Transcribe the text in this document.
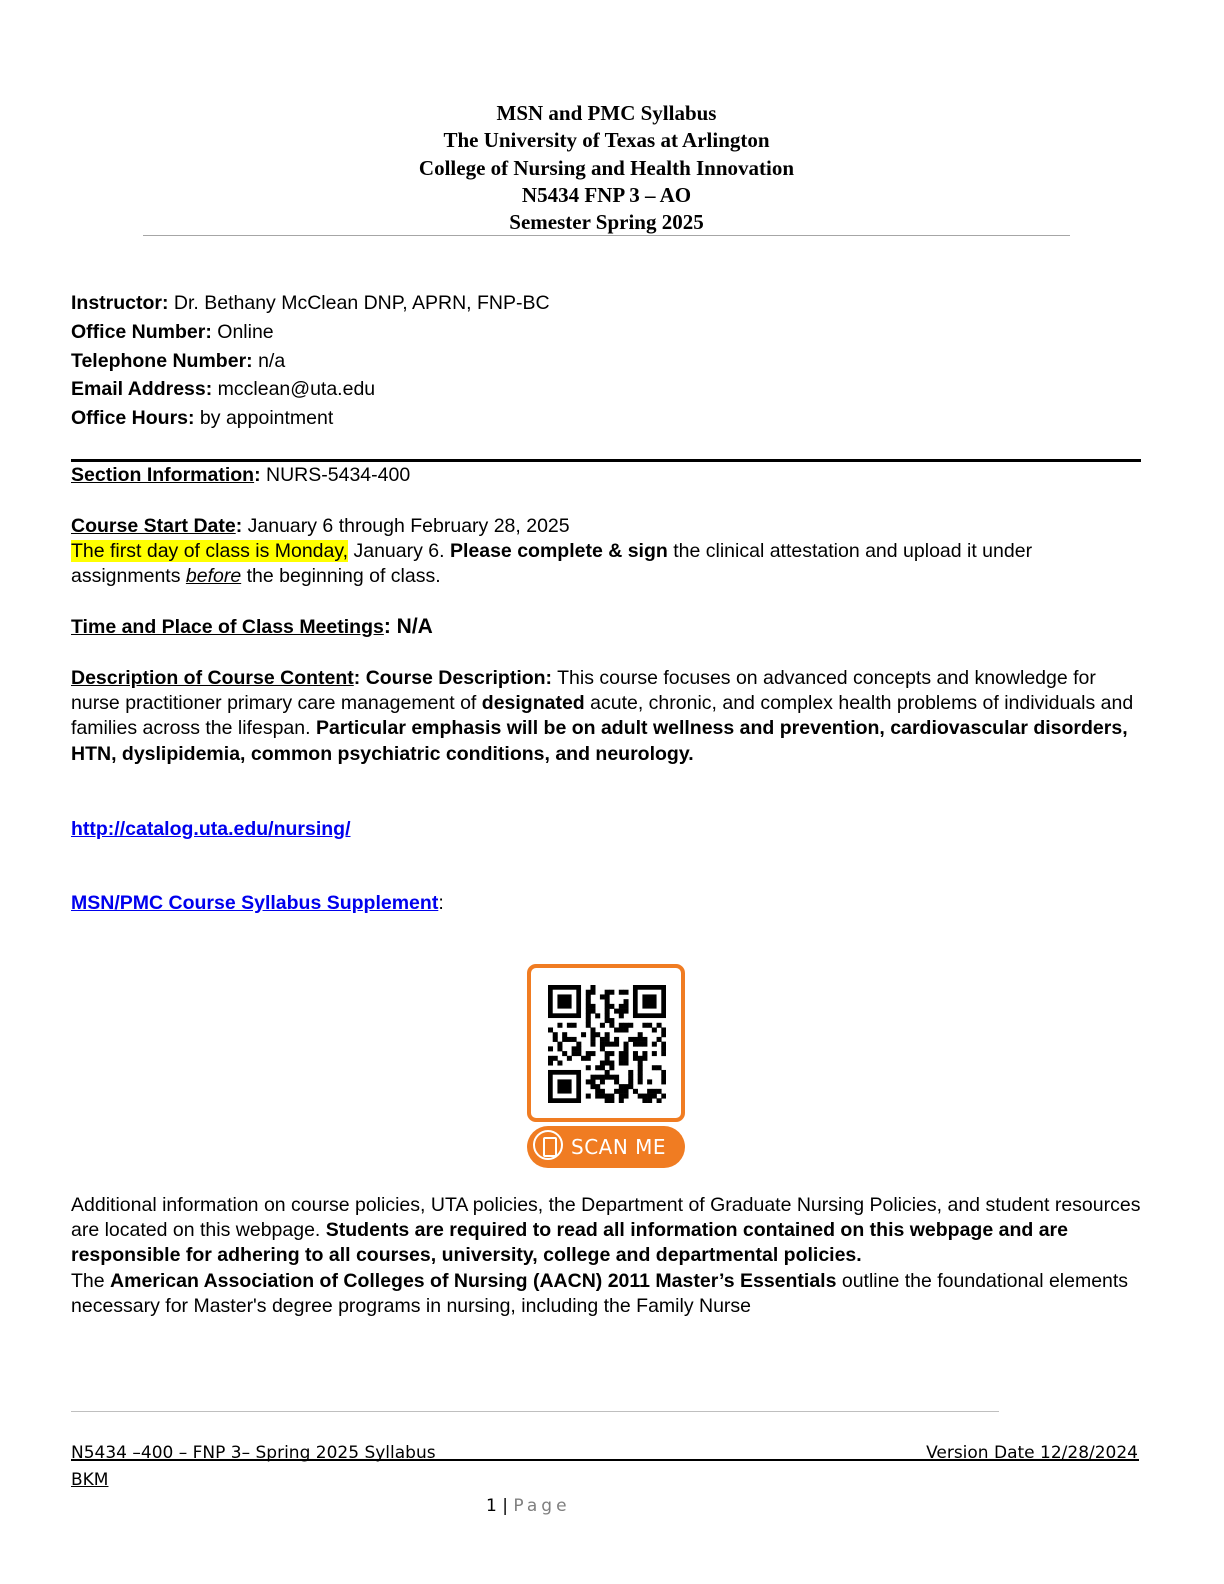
MSN and PMC Syllabus
The University of Texas at Arlington
College of Nursing and Health Innovation
N5434 FNP 3 – AO
Semester Spring 2025
Instructor: Dr. Bethany McClean DNP, APRN, FNP-BC
Office Number: Online
Telephone Number: n/a
Email Address: mcclean@uta.edu
Office Hours: by appointment
Section Information: NURS-5434-400
Course Start Date: January 6 through February 28, 2025
The first day of class is Monday, January 6. Please complete & sign the clinical attestation and upload it under assignments before the beginning of class.
Time and Place of Class Meetings: N/A
Description of Course Content: Course Description: This course focuses on advanced concepts and knowledge for nurse practitioner primary care management of designated acute, chronic, and complex health problems of individuals and families across the lifespan. Particular emphasis will be on adult wellness and prevention, cardiovascular disorders, HTN, dyslipidemia, common psychiatric conditions, and neurology.
http://catalog.uta.edu/nursing/
MSN/PMC Course Syllabus Supplement:
SCAN ME
Additional information on course policies, UTA policies, the Department of Graduate Nursing Policies, and student resources are located on this webpage. Students are required to read all information contained on this webpage and are responsible for adhering to all courses, university, college and departmental policies.
The American Association of Colleges of Nursing (AACN) 2011 Master’s Essentials outline the foundational elements necessary for Master's degree programs in nursing, including the Family Nurse
N5434 –400 – FNP 3– Spring 2025 Syllabus	Version Date 12/28/2024
BKM
1 | Page
